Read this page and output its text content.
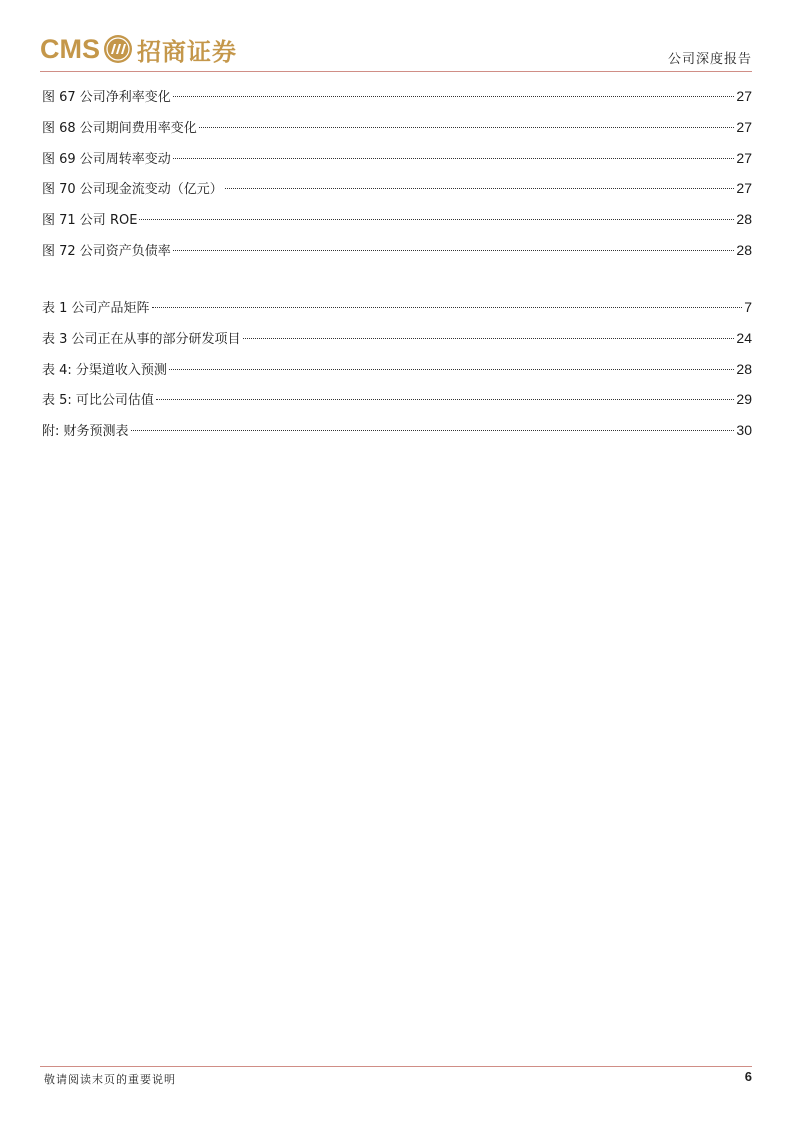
CMS 招商证券	公司深度报告
图 67 公司净利率变化	27
图 68 公司期间费用率变化	27
图 69 公司周转率变动	27
图 70 公司现金流变动（亿元）	27
图 71 公司 ROE	28
图 72 公司资产负债率	28
表 1 公司产品矩阵	7
表 3 公司正在从事的部分研发项目	24
表 4: 分渠道收入预测	28
表 5: 可比公司估值	29
附: 财务预测表	30
敬请阅读末页的重要说明	6
